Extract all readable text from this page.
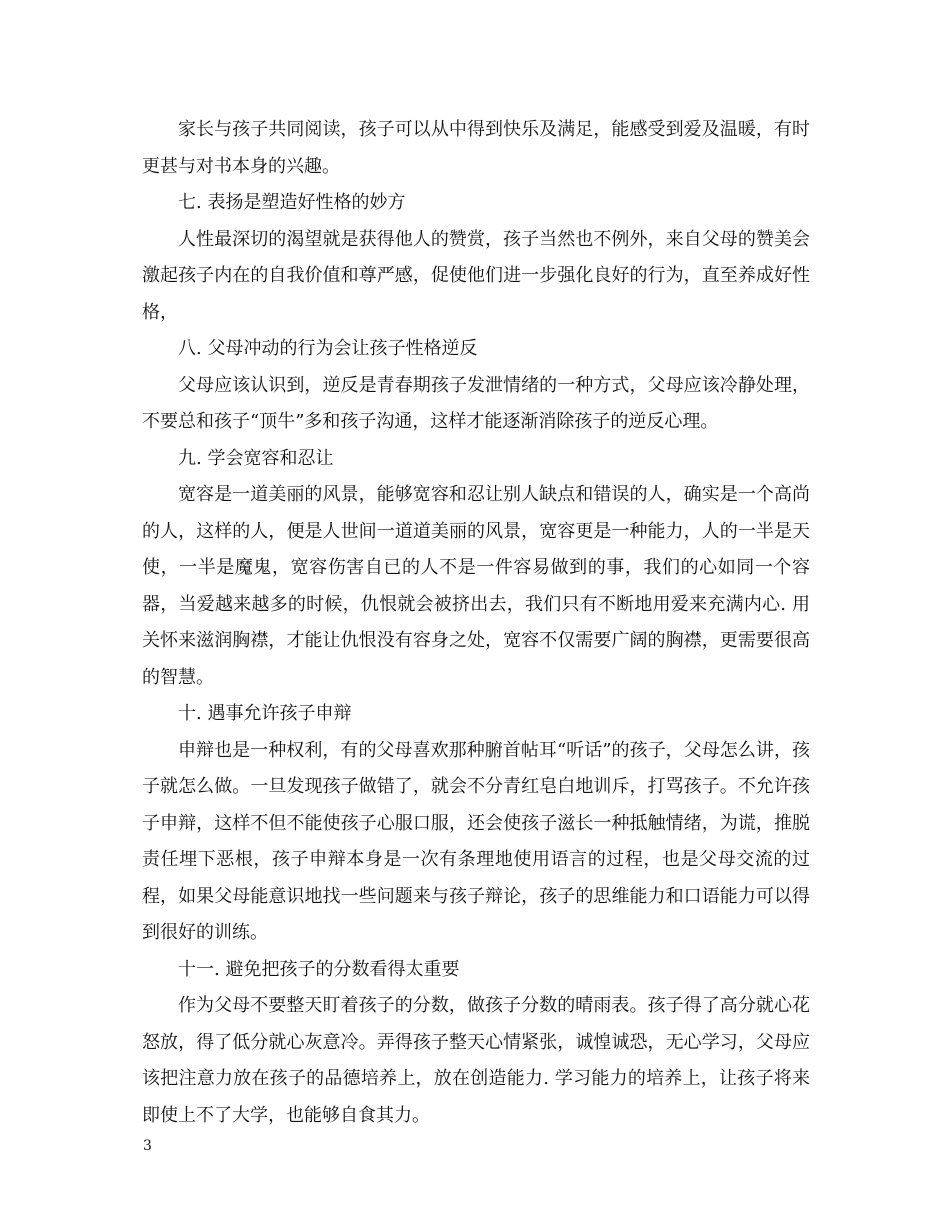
家长与孩子共同阅读，孩子可以从中得到快乐及满足，能感受到爱及温暖，有时更甚与对书本身的兴趣。

七. 表扬是塑造好性格的妙方

人性最深切的渴望就是获得他人的赞赏，孩子当然也不例外，来自父母的赞美会激起孩子内在的自我价值和尊严感，促使他们进一步强化良好的行为，直至养成好性格，

八. 父母冲动的行为会让孩子性格逆反

父母应该认识到，逆反是青春期孩子发泄情绪的一种方式，父母应该冷静处理，不要总和孩子“顶牛”多和孩子沟通，这样才能逐渐消除孩子的逆反心理。

九. 学会宽容和忍让

宽容是一道美丽的风景，能够宽容和忍让别人缺点和错误的人，确实是一个高尚的人，这样的人，便是人世间一道道美丽的风景，宽容更是一种能力，人的一半是天使，一半是魔鬼，宽容伤害自已的人不是一件容易做到的事，我们的心如同一个容器，当爱越来越多的时候，仇恨就会被挤出去，我们只有不断地用爱来充满内心. 用关怀来滋润胸襟，才能让仇恨没有容身之处，宽容不仅需要广阔的胸襟，更需要很高的智慧。

十. 遇事允许孩子申辩

申辩也是一种权利，有的父母喜欢那种腑首帖耳“听话”的孩子，父母怎么讲，孩子就怎么做。一旦发现孩子做错了，就会不分青红皂白地训斥，打骂孩子。不允许孩子申辩，这样不但不能使孩子心服口服，还会使孩子滋长一种抵触情绪，为谎，推脱责任埋下恶根，孩子申辩本身是一次有条理地使用语言的过程，也是父母交流的过程，如果父母能意识地找一些问题来与孩子辩论，孩子的思维能力和口语能力可以得到很好的训练。

十一. 避免把孩子的分数看得太重要

作为父母不要整天盯着孩子的分数，做孩子分数的晴雨表。孩子得了高分就心花怒放，得了低分就心灰意冷。弄得孩子整天心情紧张，诚惶诚恐，无心学习，父母应该把注意力放在孩子的品德培养上，放在创造能力. 学习能力的培养上，让孩子将来即使上不了大学，也能够自食其力。

3
